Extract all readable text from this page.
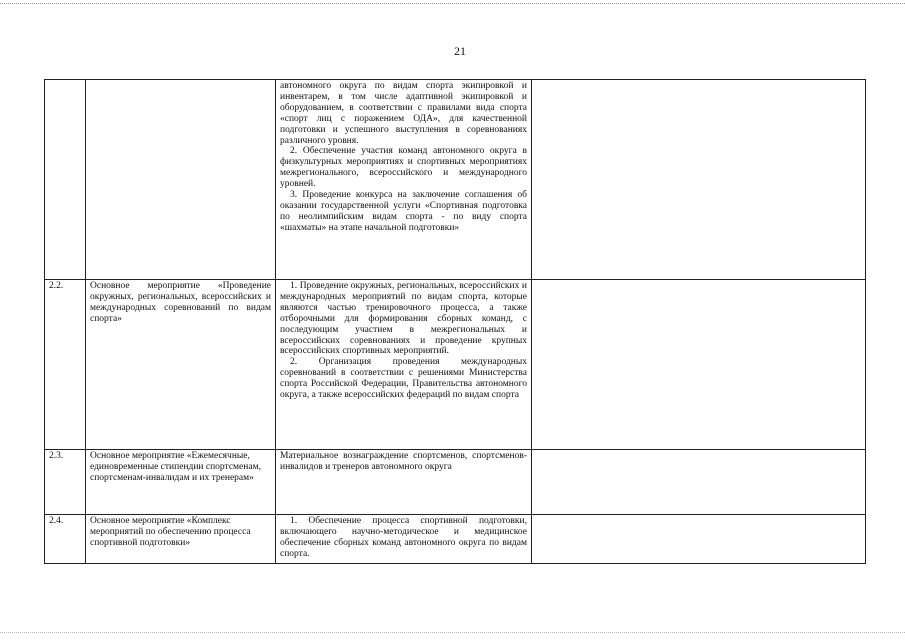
21

		автономного округа по видам спорта экипировкой и инвентарем, в том числе адаптивной экипировкой и оборудованием, в соответствии с правилами вида спорта «спорт лиц с поражением ОДА», для качественной подготовки и успешного выступления в соревнованиях различного уровня.

2. Обеспечение участия команд автономного округа в физкультурных мероприятиях и спортивных мероприятиях межрегионального, всероссийского и международного уровней.

3. Проведение конкурса на заключение соглашения об оказании государственной услуги «Спортивная подготовка по неолимпийским видам спорта - по виду спорта «шахматы» на этапе начальной подготовки»	

2.2.	Основное мероприятие «Проведение окружных, региональных, всероссийских и международных соревнований по видам спорта»	1. Проведение окружных, региональных, всероссийских и международных мероприятий по видам спорта, которые являются частью тренировочного процесса, а также отборочными для формирования сборных команд, с последующим участием в межрегиональных и всероссийских соревнованиях и проведение крупных всероссийских спортивных мероприятий.

2. Организация проведения международных соревнований в соответствии с решениями Министерства спорта Российской Федерации, Правительства автономного округа, а также всероссийских федераций по видам спорта	

2.3.	Основное мероприятие «Ежемесячные, единовременные стипендии спортсменам, спортсменам-инвалидам и их тренерам»	Материальное вознаграждение спортсменов, спортсменов-инвалидов и тренеров автономного округа	

2.4.	Основное мероприятие «Комплекс мероприятий по обеспечению процесса спортивной подготовки»	1. Обеспечение процесса спортивной подготовки, включающего научно-методическое и медицинское обеспечение сборных команд автономного округа по видам спорта.	
